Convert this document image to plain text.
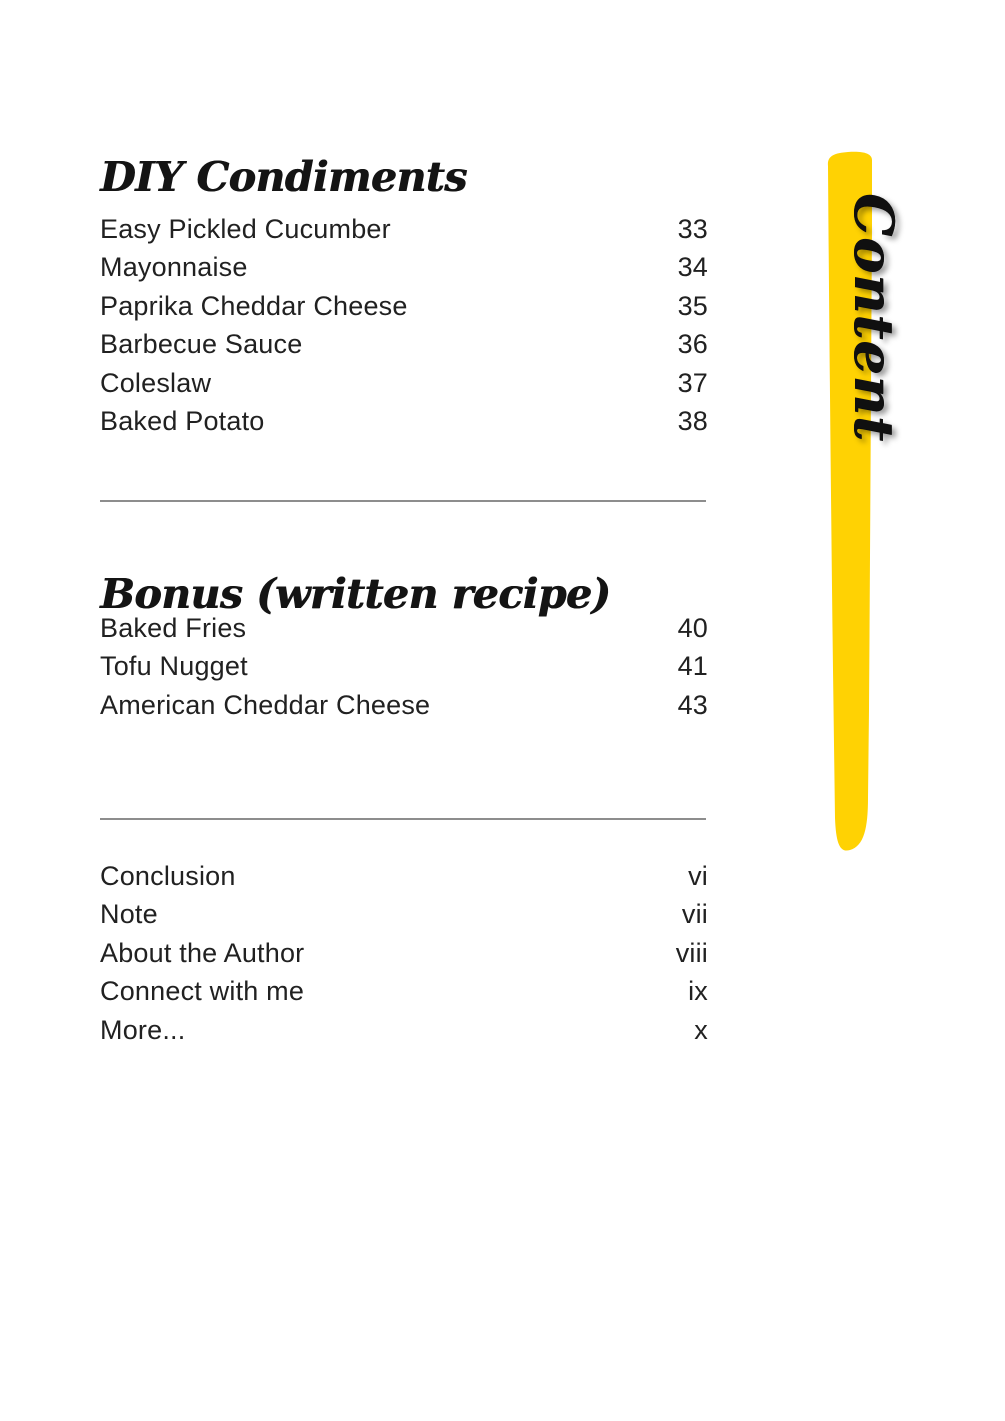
DIY Condiments
Easy Pickled Cucumber	33
Mayonnaise	34
Paprika Cheddar Cheese	35
Barbecue Sauce	36
Coleslaw	37
Baked Potato	38
Bonus (written recipe)
Baked Fries	40
Tofu Nugget	41
American Cheddar Cheese	43
Conclusion	vi
Note	vii
About the Author	viii
Connect with me	ix
More...	x
Content
